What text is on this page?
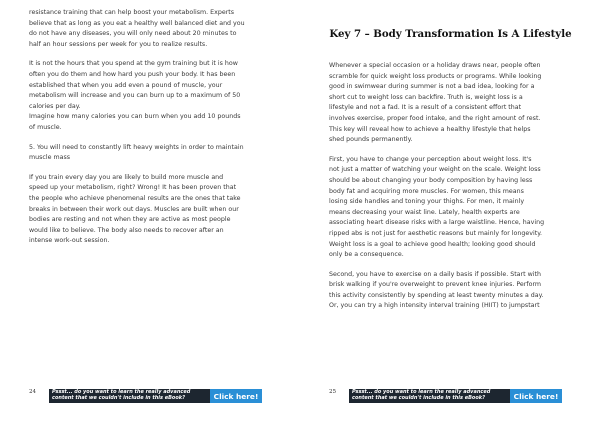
resistance training that can help boost your metabolism. Experts

believe that as long as you eat a healthy well balanced diet and you

do not have any diseases, you will only need about 20 minutes to

half an hour sessions per week for you to realize results.

It is not the hours that you spend at the gym training but it is how

often you do them and how hard you push your body. It has been

established that when you add even a pound of muscle, your

metabolism will increase and you can burn up to a maximum of 50

calories per day.

Imagine how many calories you can burn when you add 10 pounds

of muscle.

5. You will need to constantly lift heavy weights in order to maintain

muscle mass

If you train every day you are likely to build more muscle and

speed up your metabolism, right? Wrong! It has been proven that

the people who achieve phenomenal results are the ones that take

breaks in between their work out days. Muscles are built when our

bodies are resting and not when they are active as most people

would like to believe. The body also needs to recover after an

intense work-out session.

24	Pssst... do you want to learn the really advanced
content that we couldn't include in this eBook?	Click here!
Key 7 – Body Transformation Is A Lifestyle

Whenever a special occasion or a holiday draws near, people often

scramble for quick weight loss products or programs. While looking

good in swimwear during summer is not a bad idea, looking for a

short cut to weight loss can backfire. Truth is, weight loss is a

lifestyle and not a fad. It is a result of a consistent effort that

involves exercise, proper food intake, and the right amount of rest.

This key will reveal how to achieve a healthy lifestyle that helps

shed pounds permanently.

First, you have to change your perception about weight loss. It's

not just a matter of watching your weight on the scale. Weight loss

should be about changing your body composition by having less

body fat and acquiring more muscles. For women, this means

losing side handles and toning your thighs. For men, it mainly

means decreasing your waist line. Lately, health experts are

associating heart disease risks with a large waistline. Hence, having

ripped abs is not just for aesthetic reasons but mainly for longevity.

Weight loss is a goal to achieve good health; looking good should

only be a consequence.

Second, you have to exercise on a daily basis if possible. Start with

brisk walking if you're overweight to prevent knee injuries. Perform

this activity consistently by spending at least twenty minutes a day.

Or, you can try a high intensity interval training (HIIT) to jumpstart

25	Pssst... do you want to learn the really advanced
content that we couldn't include in this eBook?	Click here!
